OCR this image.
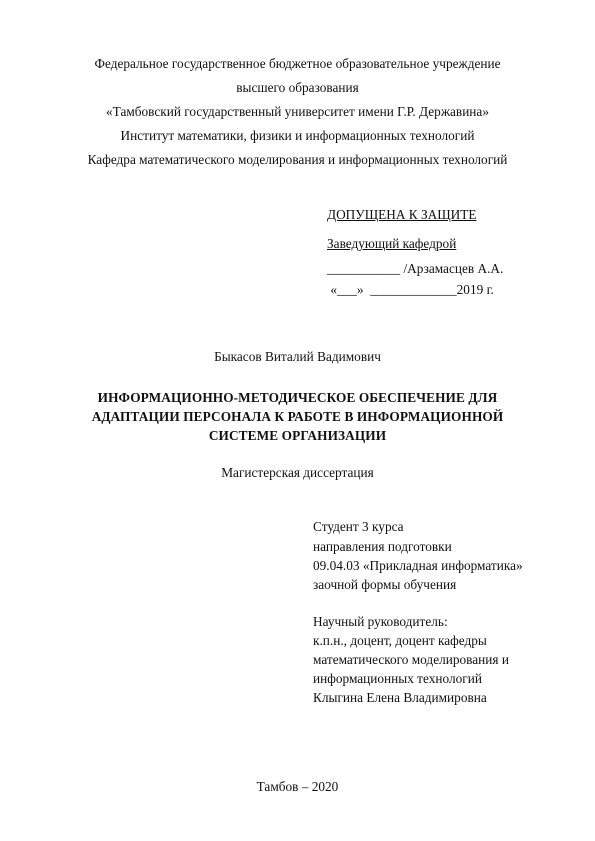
Федеральное государственное бюджетное образовательное учреждение
высшего образования
«Тамбовский государственный университет имени Г.Р. Державина»
Институт математики, физики и информационных технологий
Кафедра математического моделирования и информационных технологий
ДОПУЩЕНА К ЗАЩИТЕ
Заведующий кафедрой
___________ /Арзамасцев А.А.
«___»  _____________2019 г.
Быкасов Виталий Вадимович
ИНФОРМАЦИОННО-МЕТОДИЧЕСКОЕ ОБЕСПЕЧЕНИЕ ДЛЯ
АДАПТАЦИИ ПЕРСОНАЛА К РАБОТЕ В ИНФОРМАЦИОННОЙ
СИСТЕМЕ ОРГАНИЗАЦИИ
Магистерская диссертация
Студент 3 курса
направления подготовки
09.04.03 «Прикладная информатика»
заочной формы обучения
Научный руководитель:
к.п.н., доцент, доцент кафедры
математического моделирования и
информационных технологий
Клыгина Елена Владимировна
Тамбов – 2020
